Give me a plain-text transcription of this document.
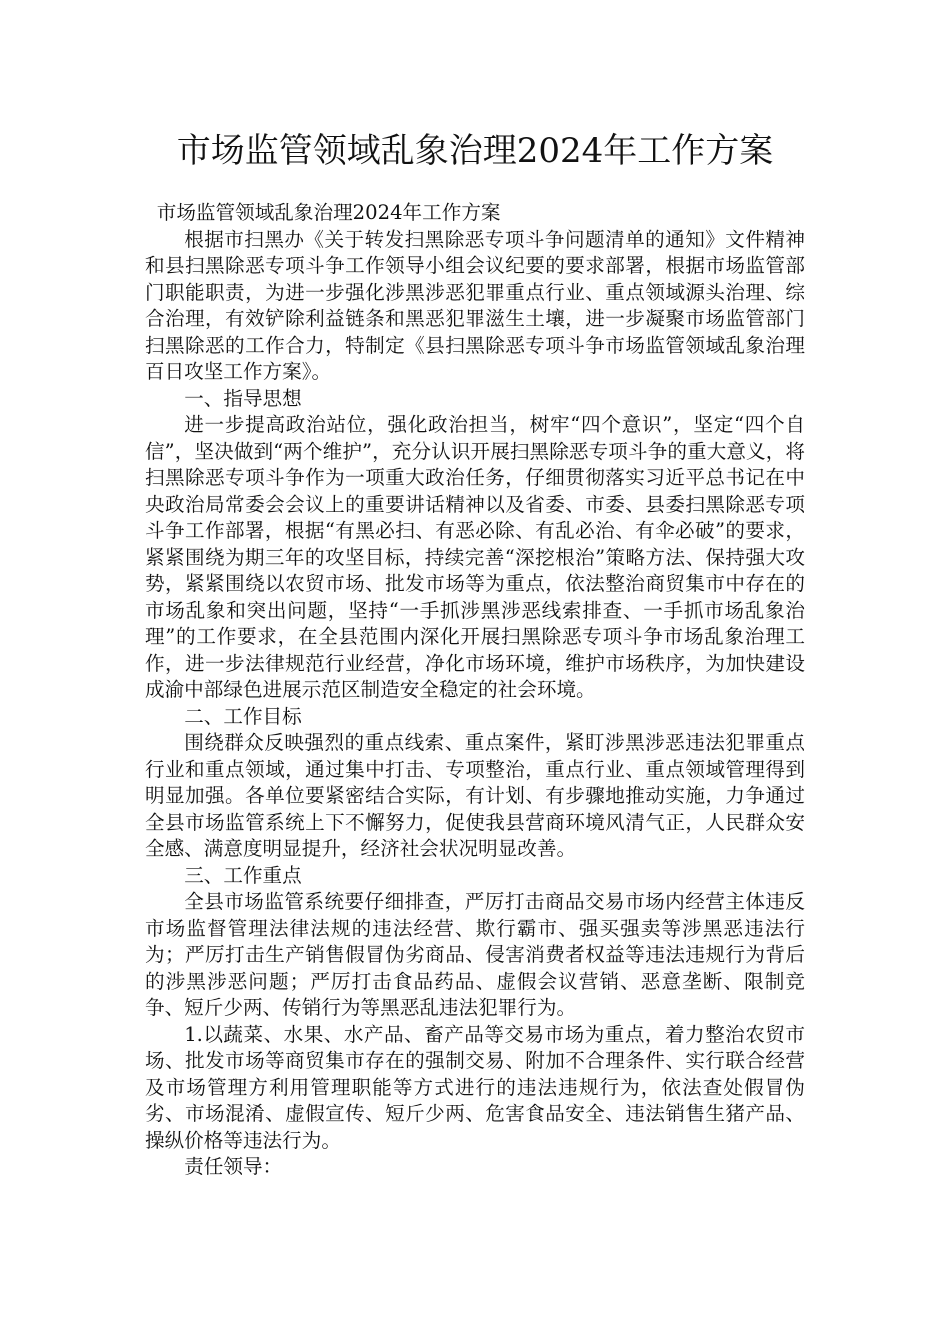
市场监管领域乱象治理2024年工作方案

市场监管领域乱象治理2024年工作方案

根据市扫黑办《关于转发扫黑除恶专项斗争问题清单的通知》文件精神和县扫黑除恶专项斗争工作领导小组会议纪要的要求部署，根据市场监管部门职能职责，为进一步强化涉黑涉恶犯罪重点行业、重点领域源头治理、综合治理，有效铲除利益链条和黑恶犯罪滋生土壤，进一步凝聚市场监管部门扫黑除恶的工作合力，特制定《县扫黑除恶专项斗争市场监管领域乱象治理百日攻坚工作方案》。

一、指导思想

进一步提高政治站位，强化政治担当，树牢“四个意识”，坚定“四个自信”，坚决做到“两个维护”，充分认识开展扫黑除恶专项斗争的重大意义，将扫黑除恶专项斗争作为一项重大政治任务，仔细贯彻落实习近平总书记在中央政治局常委会会议上的重要讲话精神以及省委、市委、县委扫黑除恶专项斗争工作部署，根据“有黑必扫、有恶必除、有乱必治、有伞必破”的要求，紧紧围绕为期三年的攻坚目标，持续完善“深挖根治”策略方法、保持强大攻势，紧紧围绕以农贸市场、批发市场等为重点，依法整治商贸集市中存在的市场乱象和突出问题，坚持“一手抓涉黑涉恶线索排查、一手抓市场乱象治理”的工作要求，在全县范围内深化开展扫黑除恶专项斗争市场乱象治理工作，进一步法律规范行业经营，净化市场环境，维护市场秩序，为加快建设成渝中部绿色进展示范区制造安全稳定的社会环境。

二、工作目标

围绕群众反映强烈的重点线索、重点案件，紧盯涉黑涉恶违法犯罪重点行业和重点领域，通过集中打击、专项整治，重点行业、重点领域管理得到明显加强。各单位要紧密结合实际，有计划、有步骤地推动实施，力争通过全县市场监管系统上下不懈努力，促使我县营商环境风清气正，人民群众安全感、满意度明显提升，经济社会状况明显改善。

三、工作重点

全县市场监管系统要仔细排查，严厉打击商品交易市场内经营主体违反市场监督管理法律法规的违法经营、欺行霸市、强买强卖等涉黑恶违法行为；严厉打击生产销售假冒伪劣商品、侵害消费者权益等违法违规行为背后的涉黑涉恶问题；严厉打击食品药品、虚假会议营销、恶意垄断、限制竞争、短斤少两、传销行为等黑恶乱违法犯罪行为。

1.以蔬菜、水果、水产品、畜产品等交易市场为重点，着力整治农贸市场、批发市场等商贸集市存在的强制交易、附加不合理条件、实行联合经营及市场管理方利用管理职能等方式进行的违法违规行为，依法查处假冒伪劣、市场混淆、虚假宣传、短斤少两、危害食品安全、违法销售生猪产品、操纵价格等违法行为。

责任领导：
